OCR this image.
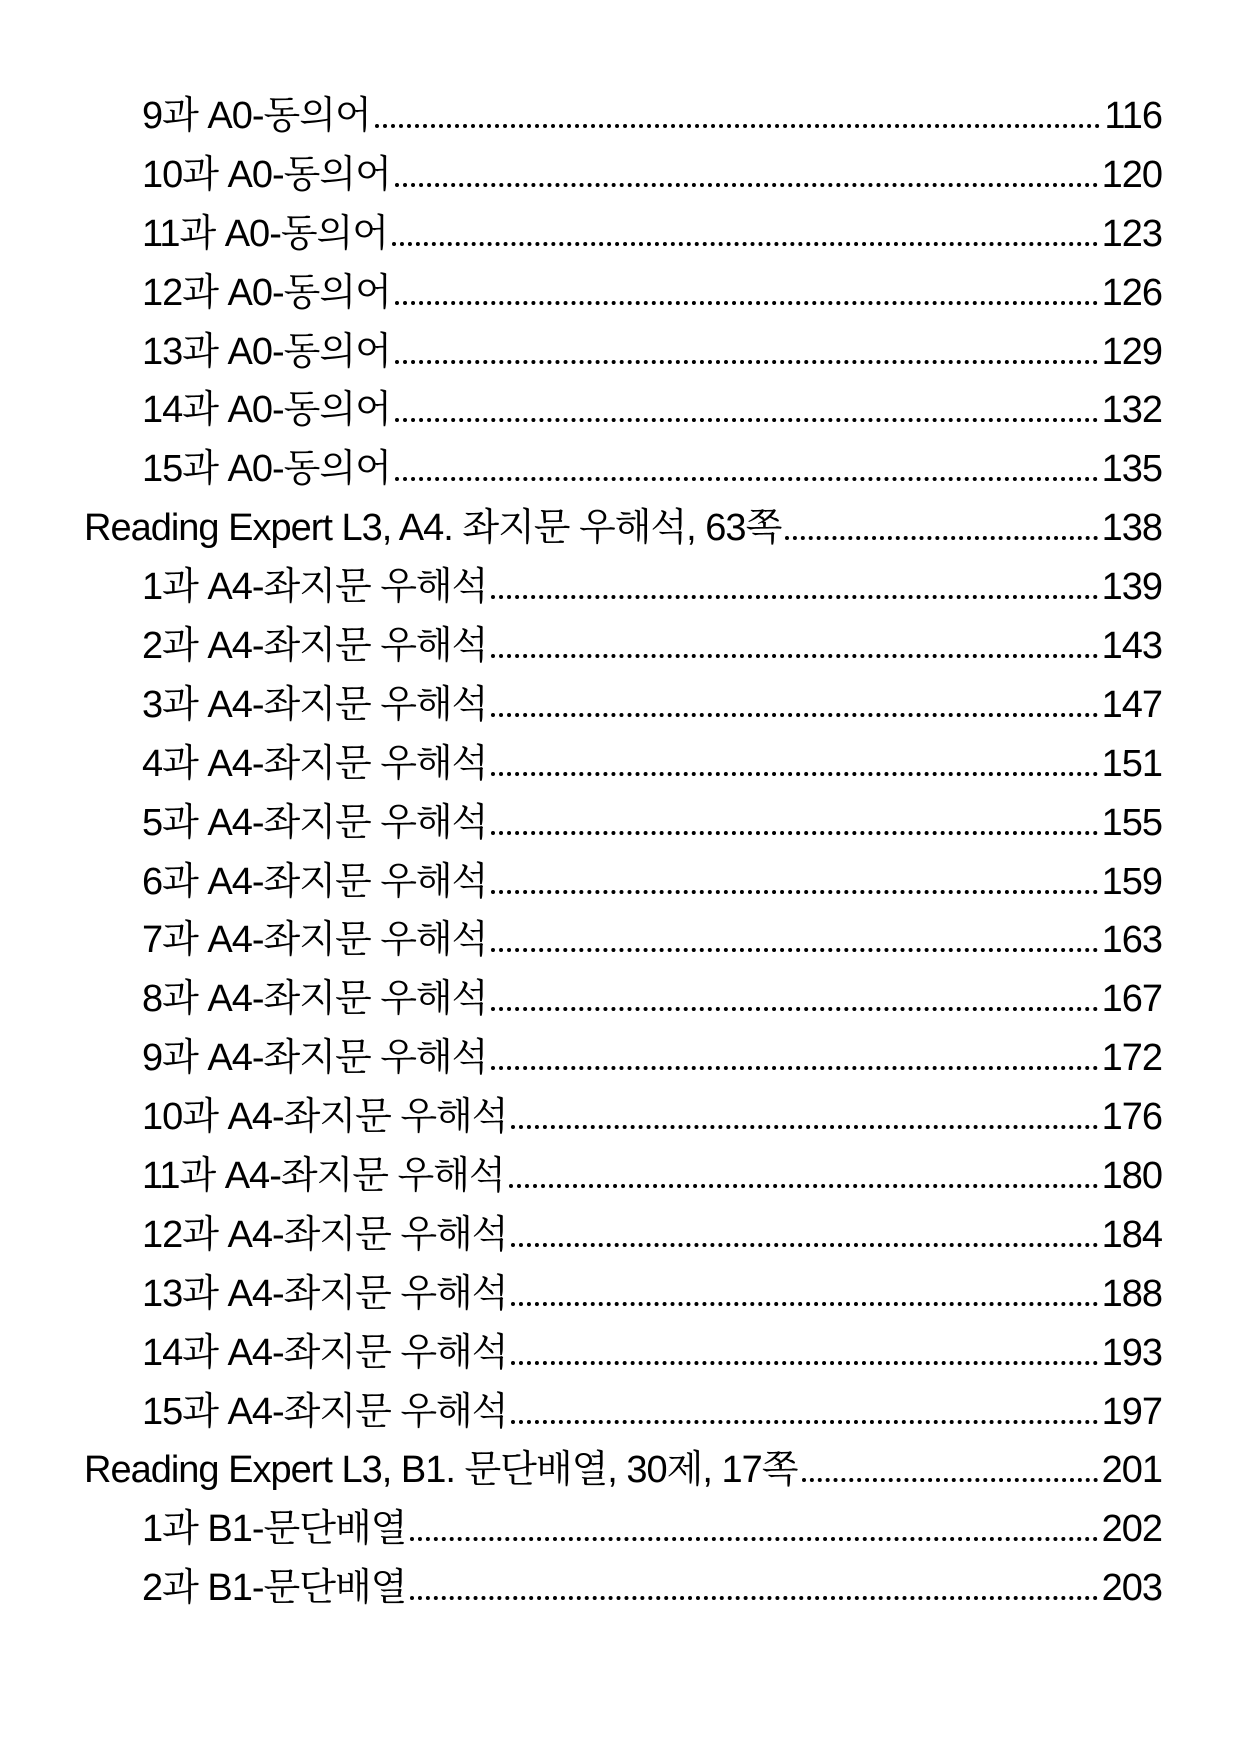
9과 A0-동의어	116
10과 A0-동의어	120
11과 A0-동의어	123
12과 A0-동의어	126
13과 A0-동의어	129
14과 A0-동의어	132
15과 A0-동의어	135
Reading Expert L3, A4. 좌지문 우해석, 63쪽	138
1과 A4-좌지문 우해석	139
2과 A4-좌지문 우해석	143
3과 A4-좌지문 우해석	147
4과 A4-좌지문 우해석	151
5과 A4-좌지문 우해석	155
6과 A4-좌지문 우해석	159
7과 A4-좌지문 우해석	163
8과 A4-좌지문 우해석	167
9과 A4-좌지문 우해석	172
10과 A4-좌지문 우해석	176
11과 A4-좌지문 우해석	180
12과 A4-좌지문 우해석	184
13과 A4-좌지문 우해석	188
14과 A4-좌지문 우해석	193
15과 A4-좌지문 우해석	197
Reading Expert L3, B1. 문단배열, 30제, 17쪽	201
1과 B1-문단배열	202
2과 B1-문단배열	203
